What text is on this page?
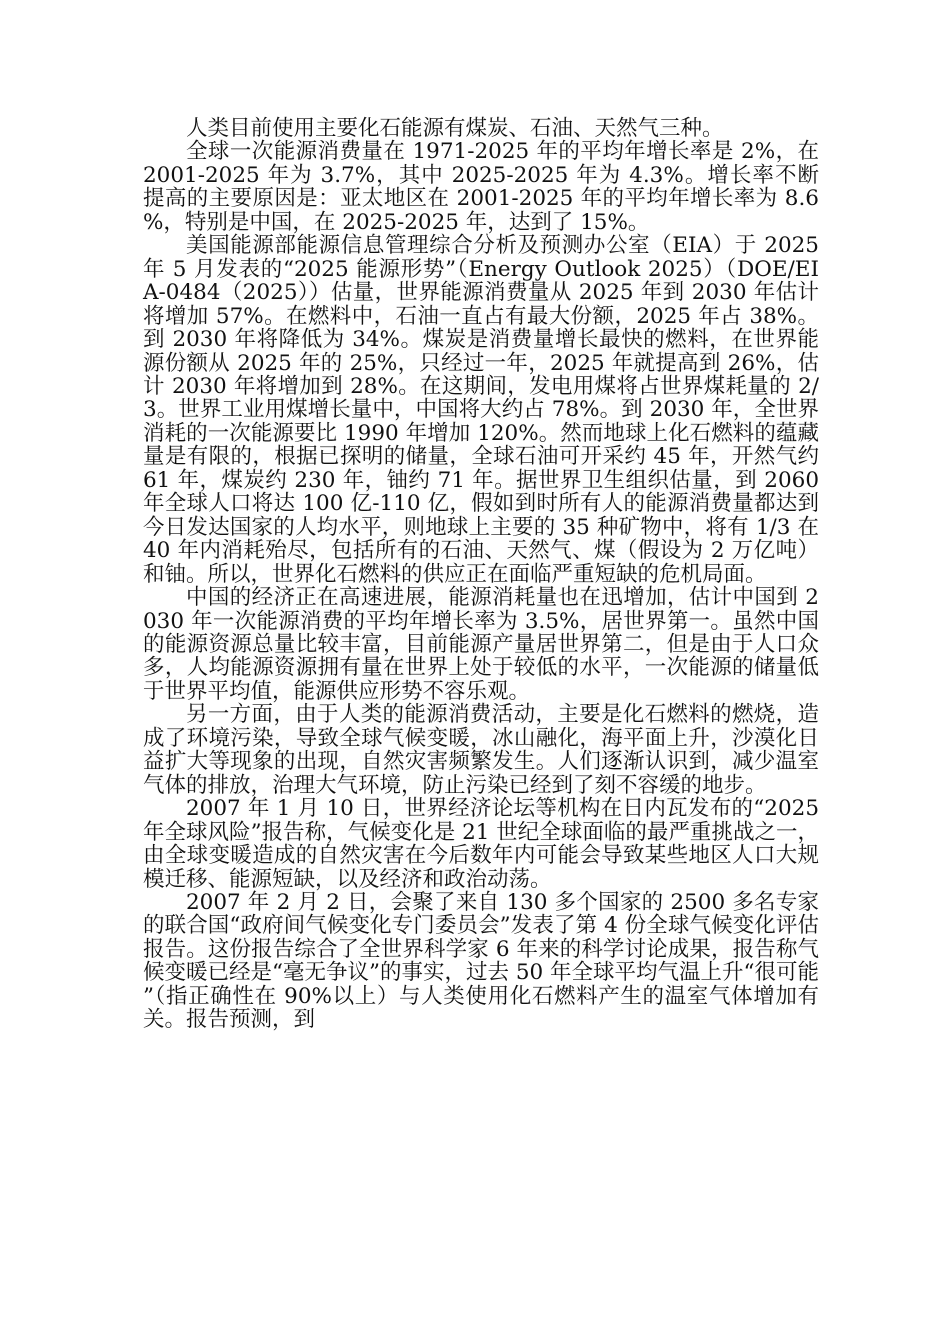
人类目前使用主要化石能源有煤炭、石油、天然气三种。

全球一次能源消费量在 1971-2025 年的平均年增长率是 2%，在 2001-2025 年为 3.7%，其中 2025-2025 年为 4.3%。增长率不断提高的主要原因是：亚太地区在 2001-2025 年的平均年增长率为 8.6%，特别是中国，在 2025-2025 年，达到了 15%。

美国能源部能源信息管理综合分析及预测办公室（EIA）于 2025 年 5 月发表的“2025 能源形势”（Energy Outlook 2025）（DOE/EIA-0484（2025））估量，世界能源消费量从 2025 年到 2030 年估计将增加 57%。在燃料中，石油一直占有最大份额，2025 年占 38%。到 2030 年将降低为 34%。煤炭是消费量增长最快的燃料，在世界能源份额从 2025 年的 25%，只经过一年，2025 年就提高到 26%，估计 2030 年将增加到 28%。在这期间，发电用煤将占世界煤耗量的 2/3。世界工业用煤增长量中，中国将大约占 78%。到 2030 年，全世界消耗的一次能源要比 1990 年增加 120%。然而地球上化石燃料的蕴藏量是有限的，根据已探明的储量，全球石油可开采约 45 年，开然气约 61 年，煤炭约 230 年，铀约 71 年。据世界卫生组织估量，到 2060 年全球人口将达 100 亿-110 亿，假如到时所有人的能源消费量都达到今日发达国家的人均水平，则地球上主要的 35 种矿物中，将有 1/3 在 40 年内消耗殆尽，包括所有的石油、天然气、煤（假设为 2 万亿吨）和铀。所以，世界化石燃料的供应正在面临严重短缺的危机局面。

中国的经济正在高速进展，能源消耗量也在迅增加，估计中国到 2030 年一次能源消费的平均年增长率为 3.5%，居世界第一。虽然中国的能源资源总量比较丰富，目前能源产量居世界第二，但是由于人口众多，人均能源资源拥有量在世界上处于较低的水平，一次能源的储量低于世界平均值，能源供应形势不容乐观。

另一方面，由于人类的能源消费活动，主要是化石燃料的燃烧，造成了环境污染，导致全球气候变暖，冰山融化，海平面上升，沙漠化日益扩大等现象的出现，自然灾害频繁发生。人们逐渐认识到，减少温室气体的排放，治理大气环境，防止污染已经到了刻不容缓的地步。

2007 年 1 月 10 日，世界经济论坛等机构在日内瓦发布的“2025 年全球风险”报告称，气候变化是 21 世纪全球面临的最严重挑战之一，由全球变暖造成的自然灾害在今后数年内可能会导致某些地区人口大规模迁移、能源短缺，以及经济和政治动荡。

2007 年 2 月 2 日，会聚了来自 130 多个国家的 2500 多名专家的联合国“政府间气候变化专门委员会”发表了第 4 份全球气候变化评估报告。这份报告综合了全世界科学家 6 年来的科学讨论成果，报告称气候变暖已经是“毫无争议”的事实，过去 50 年全球平均气温上升“很可能”（指正确性在 90%以上）与人类使用化石燃料产生的温室气体增加有关。报告预测，到
